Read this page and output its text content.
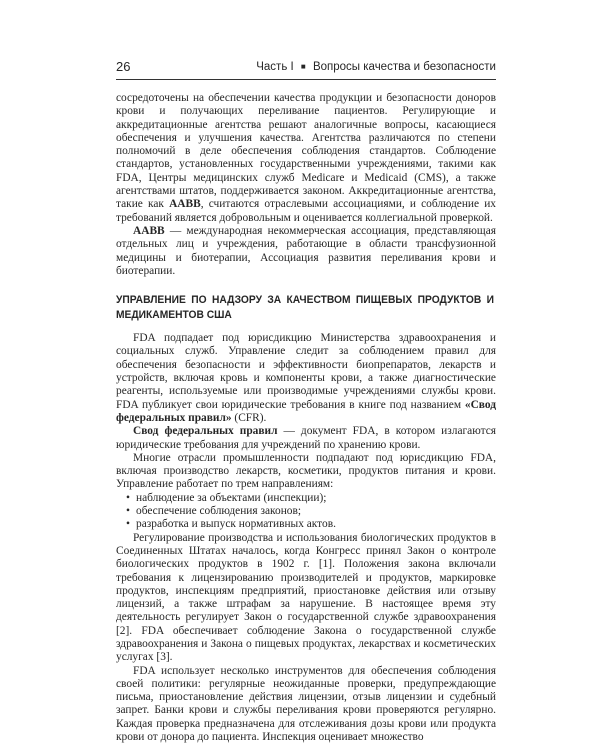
26	Часть I ■ Вопросы качества и безопасности

сосредоточены на обеспечении качества продукции и безопасности доноров крови и получающих переливание пациентов. Регулирующие и аккредитационные агентства решают аналогичные вопросы, касающиеся обеспечения и улучшения качества. Агентства различаются по степени полномочий в деле обеспечения соблюдения стандартов. Соблюдение стандартов, установленных государственными учреждениями, такими как FDA, Центры медицинских служб Medicare и Medicaid (CMS), а также агентствами штатов, поддерживается законом. Аккредитационные агентства, такие как AABB, считаются отраслевыми ассоциациями, и соблюдение их требований является добровольным и оценивается коллегиальной проверкой.

AABB — международная некоммерческая ассоциация, представляющая отдельных лиц и учреждения, работающие в области трансфузионной медицины и биотерапии, Ассоциация развития переливания крови и биотерапии.

УПРАВЛЕНИЕ ПО НАДЗОРУ ЗА КАЧЕСТВОМ ПИЩЕВЫХ ПРОДУКТОВ И МЕДИКАМЕНТОВ США

FDA подпадает под юрисдикцию Министерства здравоохранения и социальных служб. Управление следит за соблюдением правил для обеспечения безопасности и эффективности биопрепаратов, лекарств и устройств, включая кровь и компоненты крови, а также диагностические реагенты, используемые или производимые учреждениями службы крови. FDA публикует свои юридические требования в книге под названием «Свод федеральных правил» (CFR).

Свод федеральных правил — документ FDA, в котором излагаются юридические требования для учреждений по хранению крови.

Многие отрасли промышленности подпадают под юрисдикцию FDA, включая производство лекарств, косметики, продуктов питания и крови. Управление работает по трем направлениям:

• наблюдение за объектами (инспекции);
• обеспечение соблюдения законов;
• разработка и выпуск нормативных актов.

Регулирование производства и использования биологических продуктов в Соединенных Штатах началось, когда Конгресс принял Закон о контроле биологических продуктов в 1902 г. [1]. Положения закона включали требования к лицензированию производителей и продуктов, маркировке продуктов, инспекциям предприятий, приостановке действия или отзыву лицензий, а также штрафам за нарушение. В настоящее время эту деятельность регулирует Закон о государственной службе здравоохранения [2]. FDA обеспечивает соблюдение Закона о государственной службе здравоохранения и Закона о пищевых продуктах, лекарствах и косметических услугах [3].

FDA использует несколько инструментов для обеспечения соблюдения своей политики: регулярные неожиданные проверки, предупреждающие письма, приостановление действия лицензии, отзыв лицензии и судебный запрет. Банки крови и службы переливания крови проверяются регулярно. Каждая проверка предназначена для отслеживания дозы крови или продукта крови от донора до пациента. Инспекция оценивает множество
